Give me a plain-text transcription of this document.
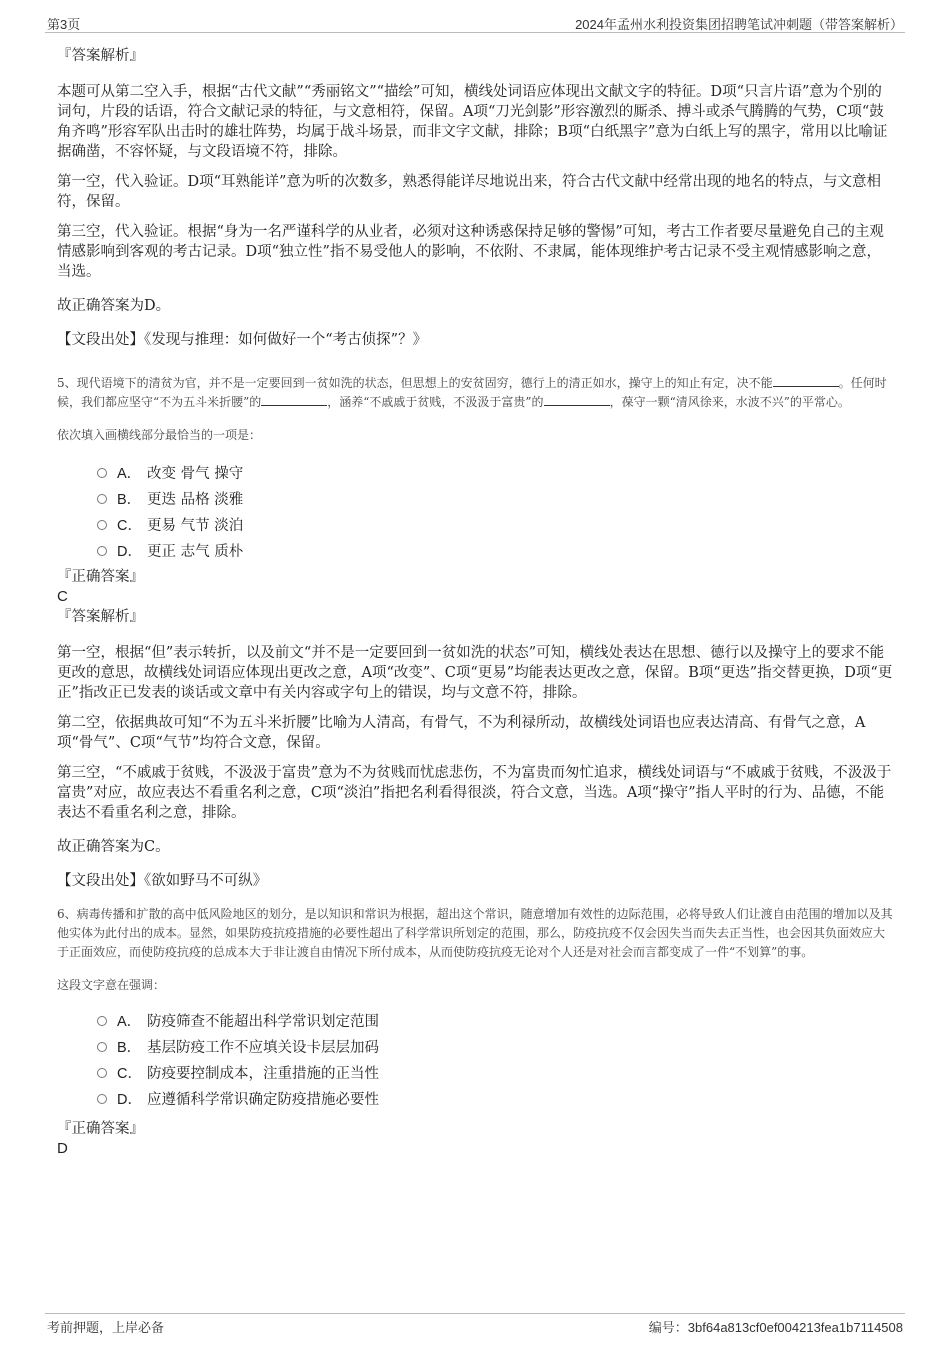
第3页	2024年孟州水利投资集团招聘笔试冲刺题（带答案解析）

『答案解析』

本题可从第二空入手，根据“古代文献”“秀丽铭文”“描绘”可知，横线处词语应体现出文献文字的特征。D项“只言片语”意为个别的词句，片段的话语，符合文献记录的特征，与文意相符，保留。A项“刀光剑影”形容激烈的厮杀、搏斗或杀气腾腾的气势，C项“鼓角齐鸣”形容军队出击时的雄壮阵势，均属于战斗场景，而非文字文献，排除；B项“白纸黑字”意为白纸上写的黑字，常用以比喻证据确凿，不容怀疑，与文段语境不符，排除。

第一空，代入验证。D项“耳熟能详”意为听的次数多，熟悉得能详尽地说出来，符合古代文献中经常出现的地名的特点，与文意相符，保留。

第三空，代入验证。根据“身为一名严谨科学的从业者，必须对这种诱惑保持足够的警惕”可知，考古工作者要尽量避免自己的主观情感影响到客观的考古记录。D项“独立性”指不易受他人的影响，不依附、不隶属，能体现维护考古记录不受主观情感影响之意，当选。

故正确答案为D。

【文段出处】《发现与推理：如何做好一个“考古侦探”？》

5、现代语境下的清贫为官，并不是一定要回到一贫如洗的状态，但思想上的安贫固穷，德行上的清正如水，操守上的知止有定，决不能	。任何时候，我们都应坚守“不为五斗米折腰”的	，涵养“不戚戚于贫贱，不汲汲于富贵”的	，葆守一颗“清风徐来，水波不兴”的平常心。

依次填入画横线部分最恰当的一项是：

A． 改变 骨气 操守
B． 更迭 品格 淡雅
C． 更易 气节 淡泊
D． 更正 志气 质朴

『正确答案』

C

『答案解析』

第一空，根据“但”表示转折，以及前文“并不是一定要回到一贫如洗的状态”可知，横线处表达在思想、德行以及操守上的要求不能更改的意思，故横线处词语应体现出更改之意，A项“改变”、C项“更易”均能表达更改之意，保留。B项“更迭”指交替更换，D项“更正”指改正已发表的谈话或文章中有关内容或字句上的错误，均与文意不符，排除。

第二空，依据典故可知“不为五斗米折腰”比喻为人清高，有骨气，不为利禄所动，故横线处词语也应表达清高、有骨气之意，A项“骨气”、C项“气节”均符合文意，保留。

第三空，“不戚戚于贫贱，不汲汲于富贵”意为不为贫贱而忧虑悲伤，不为富贵而匆忙追求，横线处词语与“不戚戚于贫贱，不汲汲于富贵”对应，故应表达不看重名利之意，C项“淡泊”指把名利看得很淡，符合文意，当选。A项“操守”指人平时的行为、品德，不能表达不看重名利之意，排除。

故正确答案为C。

【文段出处】《欲如野马不可纵》

6、病毒传播和扩散的高中低风险地区的划分，是以知识和常识为根据，超出这个常识，随意增加有效性的边际范围，必将导致人们让渡自由范围的增加以及其他实体为此付出的成本。显然，如果防疫抗疫措施的必要性超出了科学常识所划定的范围，那么，防疫抗疫不仅会因失当而失去正当性，也会因其负面效应大于正面效应，而使防疫抗疫的总成本大于非让渡自由情况下所付成本，从而使防疫抗疫无论对个人还是对社会而言都变成了一件“不划算”的事。

这段文字意在强调：

A． 防疫筛查不能超出科学常识划定范围
B． 基层防疫工作不应填关设卡层层加码
C． 防疫要控制成本，注重措施的正当性
D． 应遵循科学常识确定防疫措施必要性

『正确答案』

D

考前押题，上岸必备	编号：3bf64a813cf0ef004213fea1b7114508
